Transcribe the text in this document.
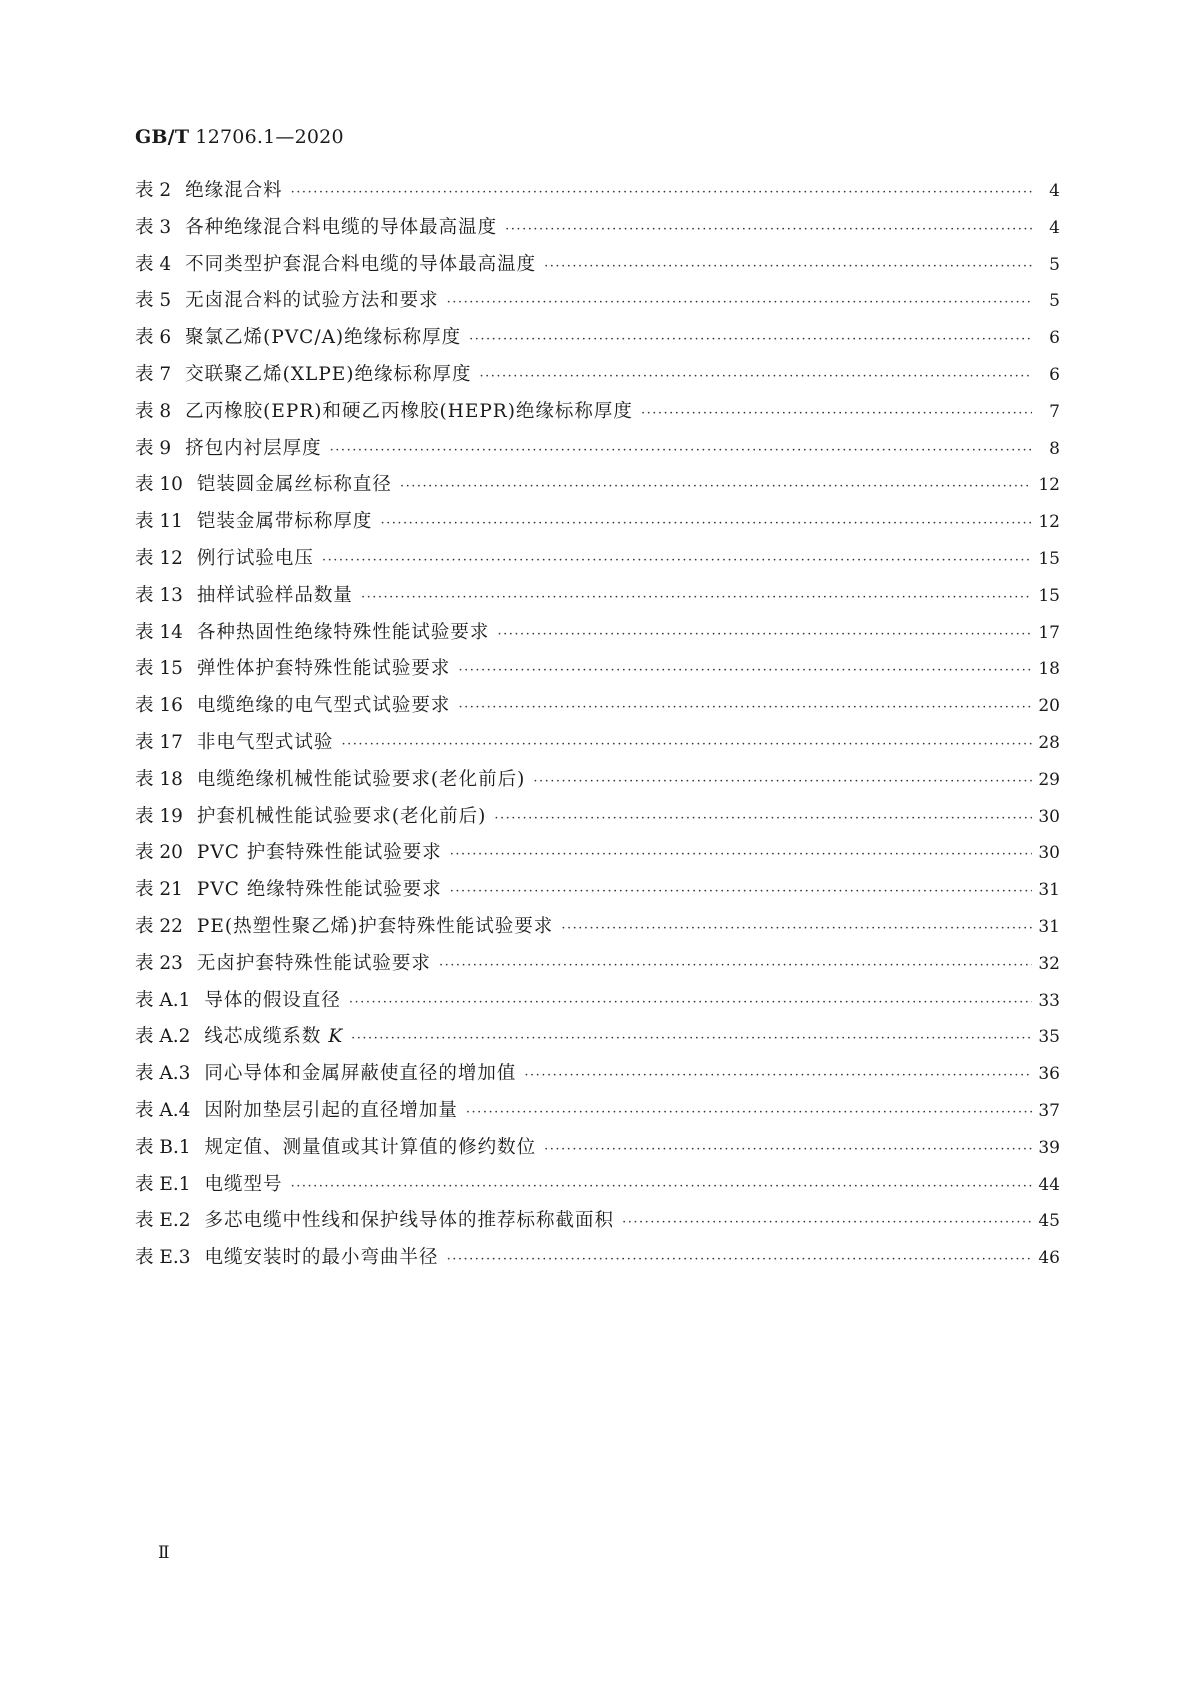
GB/T 12706.1—2020
表 2 绝缘混合料 ·····	4
表 3 各种绝缘混合料电缆的导体最高温度 ·····	4
表 4 不同类型护套混合料电缆的导体最高温度 ·····	5
表 5 无卤混合料的试验方法和要求 ·····	5
表 6 聚氯乙烯(PVC/A)绝缘标称厚度 ·····	6
表 7 交联聚乙烯(XLPE)绝缘标称厚度 ·····	6
表 8 乙丙橡胶(EPR)和硬乙丙橡胶(HEPR)绝缘标称厚度 ·····	7
表 9 挤包内衬层厚度 ·····	8
表 10 铠装圆金属丝标称直径 ·····	12
表 11 铠装金属带标称厚度 ·····	12
表 12 例行试验电压 ·····	15
表 13 抽样试验样品数量 ·····	15
表 14 各种热固性绝缘特殊性能试验要求 ·····	17
表 15 弹性体护套特殊性能试验要求 ·····	18
表 16 电缆绝缘的电气型式试验要求 ·····	20
表 17 非电气型式试验 ·····	28
表 18 电缆绝缘机械性能试验要求(老化前后) ·····	29
表 19 护套机械性能试验要求(老化前后) ·····	30
表 20 PVC 护套特殊性能试验要求 ·····	30
表 21 PVC 绝缘特殊性能试验要求 ·····	31
表 22 PE(热塑性聚乙烯)护套特殊性能试验要求 ·····	31
表 23 无卤护套特殊性能试验要求 ·····	32
表 A.1 导体的假设直径 ·····	33
表 A.2 线芯成缆系数 K ·····	35
表 A.3 同心导体和金属屏蔽使直径的增加值 ·····	36
表 A.4 因附加垫层引起的直径增加量 ·····	37
表 B.1 规定值、测量值或其计算值的修约数位 ·····	39
表 E.1 电缆型号 ·····	44
表 E.2 多芯电缆中性线和保护线导体的推荐标称截面积 ·····	45
表 E.3 电缆安装时的最小弯曲半径 ·····	46
Ⅱ
